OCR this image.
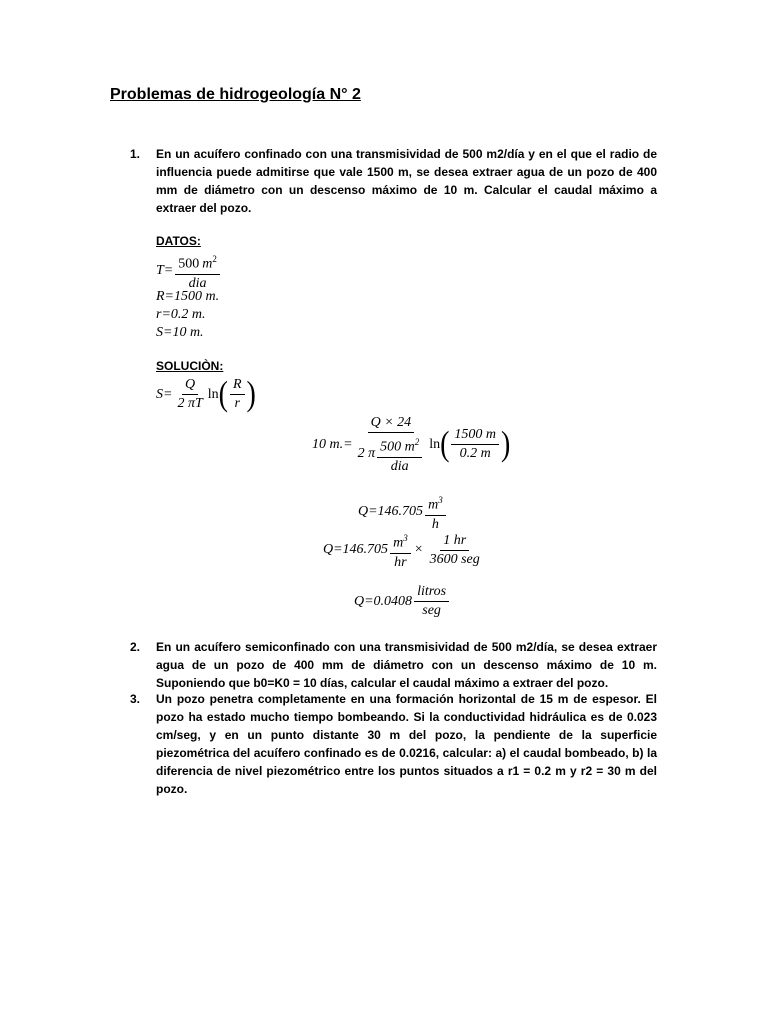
Problemas de hidrogeología N° 2
1. En un acuífero confinado con una transmisividad de 500 m2/día y en el que el radio de influencia puede admitirse que vale 1500 m, se desea extraer agua de un pozo de 400 mm de diámetro con un descenso máximo de 10 m. Calcular el caudal máximo a extraer del pozo.
DATOS:
$T= \frac{500 m^2}{\text{dia}}$
R=1500 m.
r=0.2 m.
S=10 m.
SOLUCIÒN:
$S= \frac{Q}{2 \pi T}$ ln ( $\frac{R}{r}$ )
10 $m.= \frac{Q \times 24}{2 \pi \frac{500 m^2}{\text{dia}}}$ ln ( $\frac{1500 m}{0.2 m}$ )
$Q=146.705 \frac{m^3}{h}$
$Q=146.705 \frac{m^3}{hr} \times \frac{1 hr}{\text{3600 seg}}$
$Q=0.0408 \frac{\text{litros}}{\text{seg}}$
2. En un acuífero semiconfinado con una transmisividad de 500 m2/día, se desea extraer agua de un pozo de 400 mm de diámetro con un descenso máximo de 10 m. Suponiendo que b0=K0 = 10 días, calcular el caudal máximo a extraer del pozo.
3. Un pozo penetra completamente en una formación horizontal de 15 m de espesor. El pozo ha estado mucho tiempo bombeando. Si la conductividad hidráulica es de 0.023 cm/seg, y en un punto distante 30 m del pozo, la pendiente de la superficie piezométrica del acuífero confinado es de 0.0216, calcular: a) el caudal bombeado, b) la diferencia de nivel piezométrico entre los puntos situados a r1 = 0.2 m y r2 = 30 m del pozo.
